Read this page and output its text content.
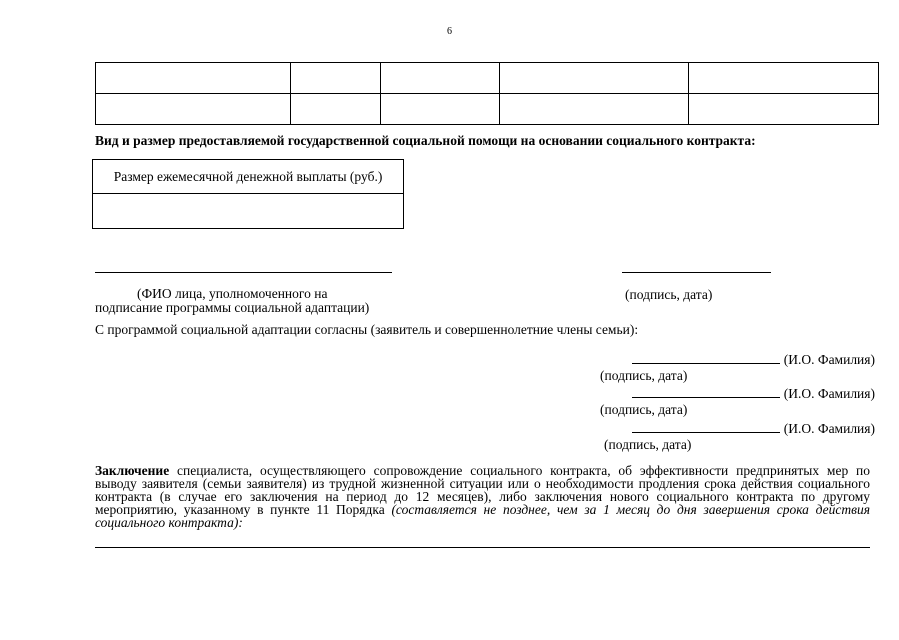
6

Вид и размер предоставляемой государственной социальной помощи на основании социального контракта:
Размер ежемесячной денежной выплаты (руб.)

(ФИО лица, уполномоченного на
подписание программы социальной адаптации)
(подпись, дата)
С программой социальной адаптации согласны (заявитель и совершеннолетние члены семьи):
(И.О. Фамилия)
(подпись, дата)
(И.О. Фамилия)
(подпись, дата)
(И.О. Фамилия)
(подпись, дата)
Заключение специалиста, осуществляющего сопровождение социального контракта, об эффективности предпринятых мер по выводу заявителя (семьи заявителя) из трудной жизненной ситуации или о необходимости продления срока действия социального контракта (в случае его заключения на период до 12 месяцев), либо заключения нового социального контракта по другому мероприятию, указанному в пункте 11 Порядка (составляется не позднее, чем за 1 месяц до дня завершения срока действия социального контракта):
